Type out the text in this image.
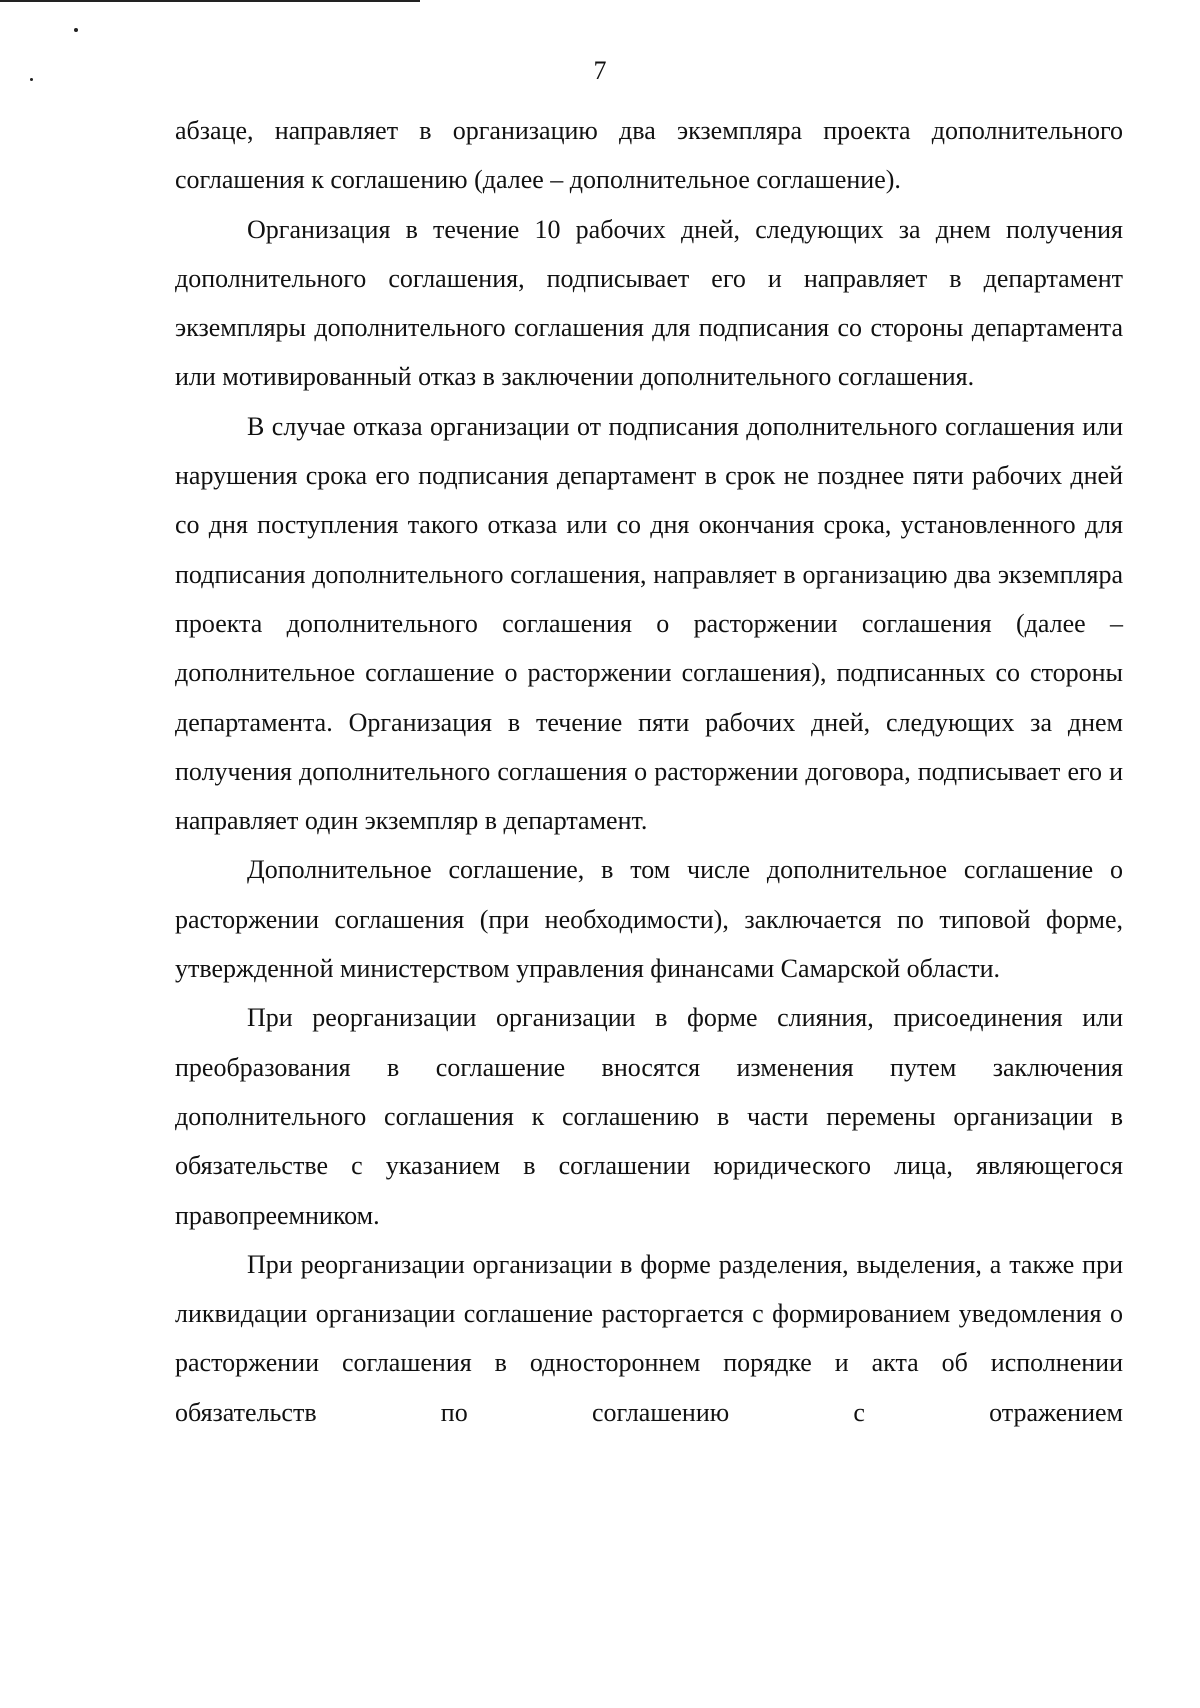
7

абзаце, направляет в организацию два экземпляра проекта дополнительного соглашения к соглашению (далее – дополнительное соглашение).

Организация в течение 10 рабочих дней, следующих за днем получения дополнительного соглашения, подписывает его и направляет в департамент экземпляры дополнительного соглашения для подписания со стороны департамента или мотивированный отказ в заключении дополнительного соглашения.

В случае отказа организации от подписания дополнительного соглашения или нарушения срока его подписания департамент в срок не позднее пяти рабочих дней со дня поступления такого отказа или со дня окончания срока, установленного для подписания дополнительного соглашения, направляет в организацию два экземпляра проекта дополнительного соглашения о расторжении соглашения (далее – дополнительное соглашение о расторжении соглашения), подписанных со стороны департамента. Организация в течение пяти рабочих дней, следующих за днем получения дополнительного соглашения о расторжении договора, подписывает его и направляет один экземпляр в департамент.

Дополнительное соглашение, в том числе дополнительное соглашение о расторжении соглашения (при необходимости), заключается по типовой форме, утвержденной министерством управления финансами Самарской области.

При реорганизации организации в форме слияния, присоединения или преобразования в соглашение вносятся изменения путем заключения дополнительного соглашения к соглашению в части перемены организации в обязательстве с указанием в соглашении юридического лица, являющегося правопреемником.

При реорганизации организации в форме разделения, выделения, а также при ликвидации организации соглашение расторгается с формированием уведомления о расторжении соглашения в одностороннем порядке и акта об исполнении обязательств по соглашению с отражением
